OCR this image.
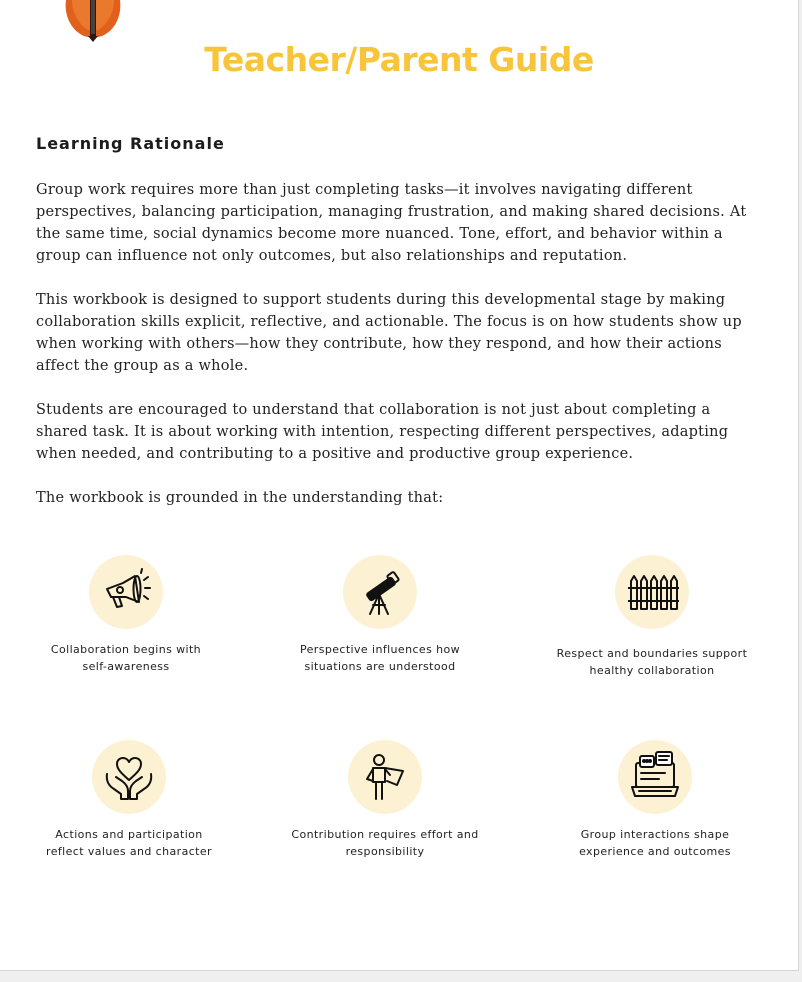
Teacher/Parent Guide
Learning Rationale

Group work requires more than just completing tasks—it involves navigating different perspectives, balancing participation, managing frustration, and making shared decisions. At the same time, social dynamics become more nuanced. Tone, effort, and behavior within a group can influence not only outcomes, but also relationships and reputation.

This workbook is designed to support students during this developmental stage by making collaboration skills explicit, reflective, and actionable. The focus is on how students show up when working with others—how they contribute, how they respond, and how their actions affect the group as a whole.

Students are encouraged to understand that collaboration is not just about completing a shared task. It is about working with intention, respecting different perspectives, adapting when needed, and contributing to a positive and productive group experience.

The workbook is grounded in the understanding that:

Collaboration begins with
self-awareness

Perspective influences how
situations are understood

Respect and boundaries support
healthy collaboration

Actions and participation
reflect values and character

Contribution requires effort and
responsibility

Group interactions shape
experience and outcomes
